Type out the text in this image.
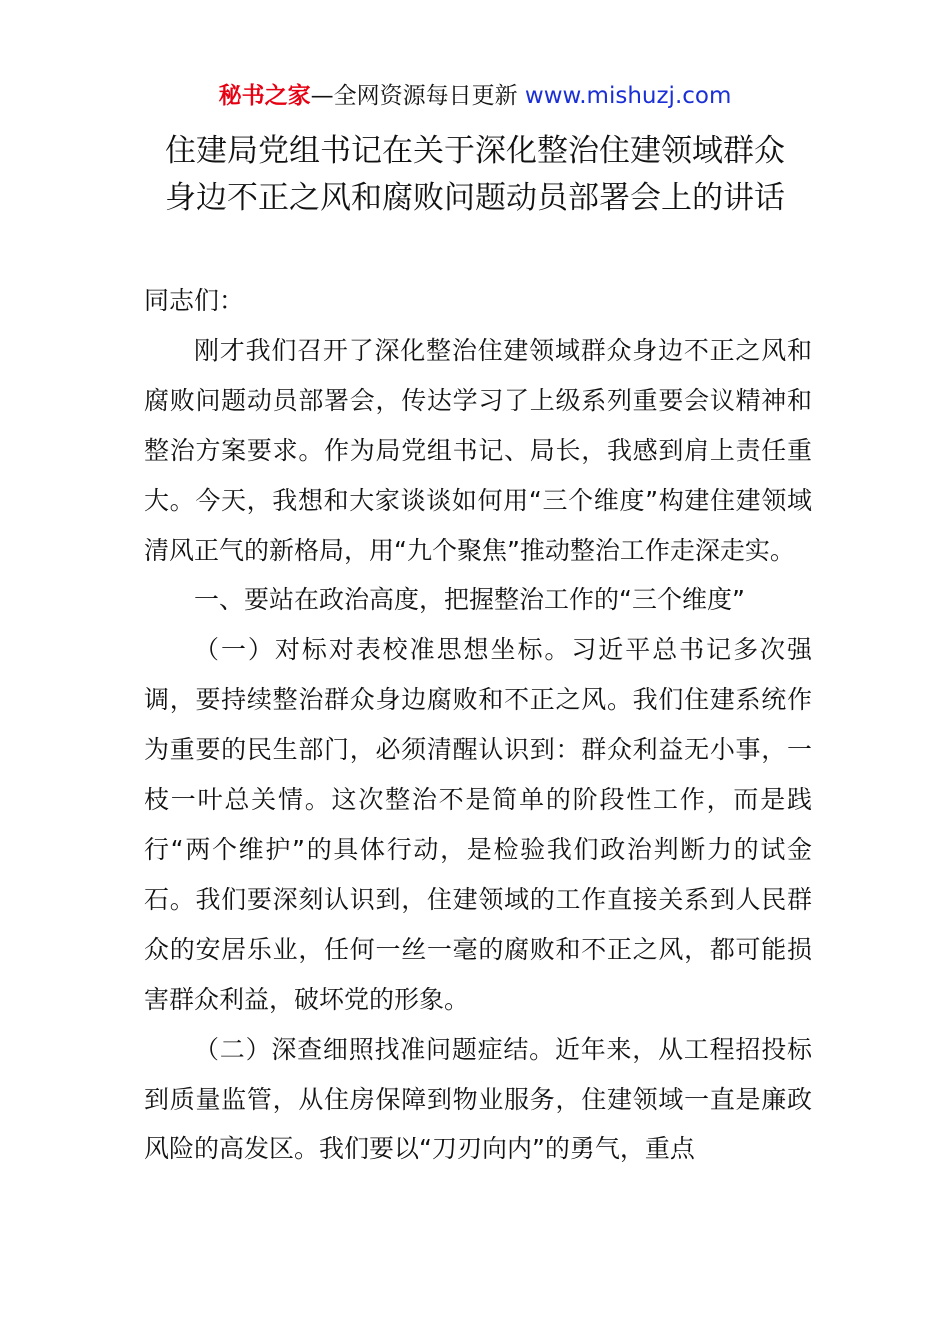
秘书之家—全网资源每日更新 www.mishuzj.com
住建局党组书记在关于深化整治住建领域群众
身边不正之风和腐败问题动员部署会上的讲话

同志们：

刚才我们召开了深化整治住建领域群众身边不正之风和腐败问题动员部署会，传达学习了上级系列重要会议精神和整治方案要求。作为局党组书记、局长，我感到肩上责任重大。今天，我想和大家谈谈如何用“三个维度”构建住建领域清风正气的新格局，用“九个聚焦”推动整治工作走深走实。

一、要站在政治高度，把握整治工作的“三个维度”

（一）对标对表校准思想坐标。习近平总书记多次强调，要持续整治群众身边腐败和不正之风。我们住建系统作为重要的民生部门，必须清醒认识到：群众利益无小事，一枝一叶总关情。这次整治不是简单的阶段性工作，而是践行“两个维护”的具体行动，是检验我们政治判断力的试金石。我们要深刻认识到，住建领域的工作直接关系到人民群众的安居乐业，任何一丝一毫的腐败和不正之风，都可能损害群众利益，破坏党的形象。

（二）深查细照找准问题症结。近年来，从工程招投标到质量监管，从住房保障到物业服务，住建领域一直是廉政风险的高发区。我们要以“刀刃向内”的勇气，重点
